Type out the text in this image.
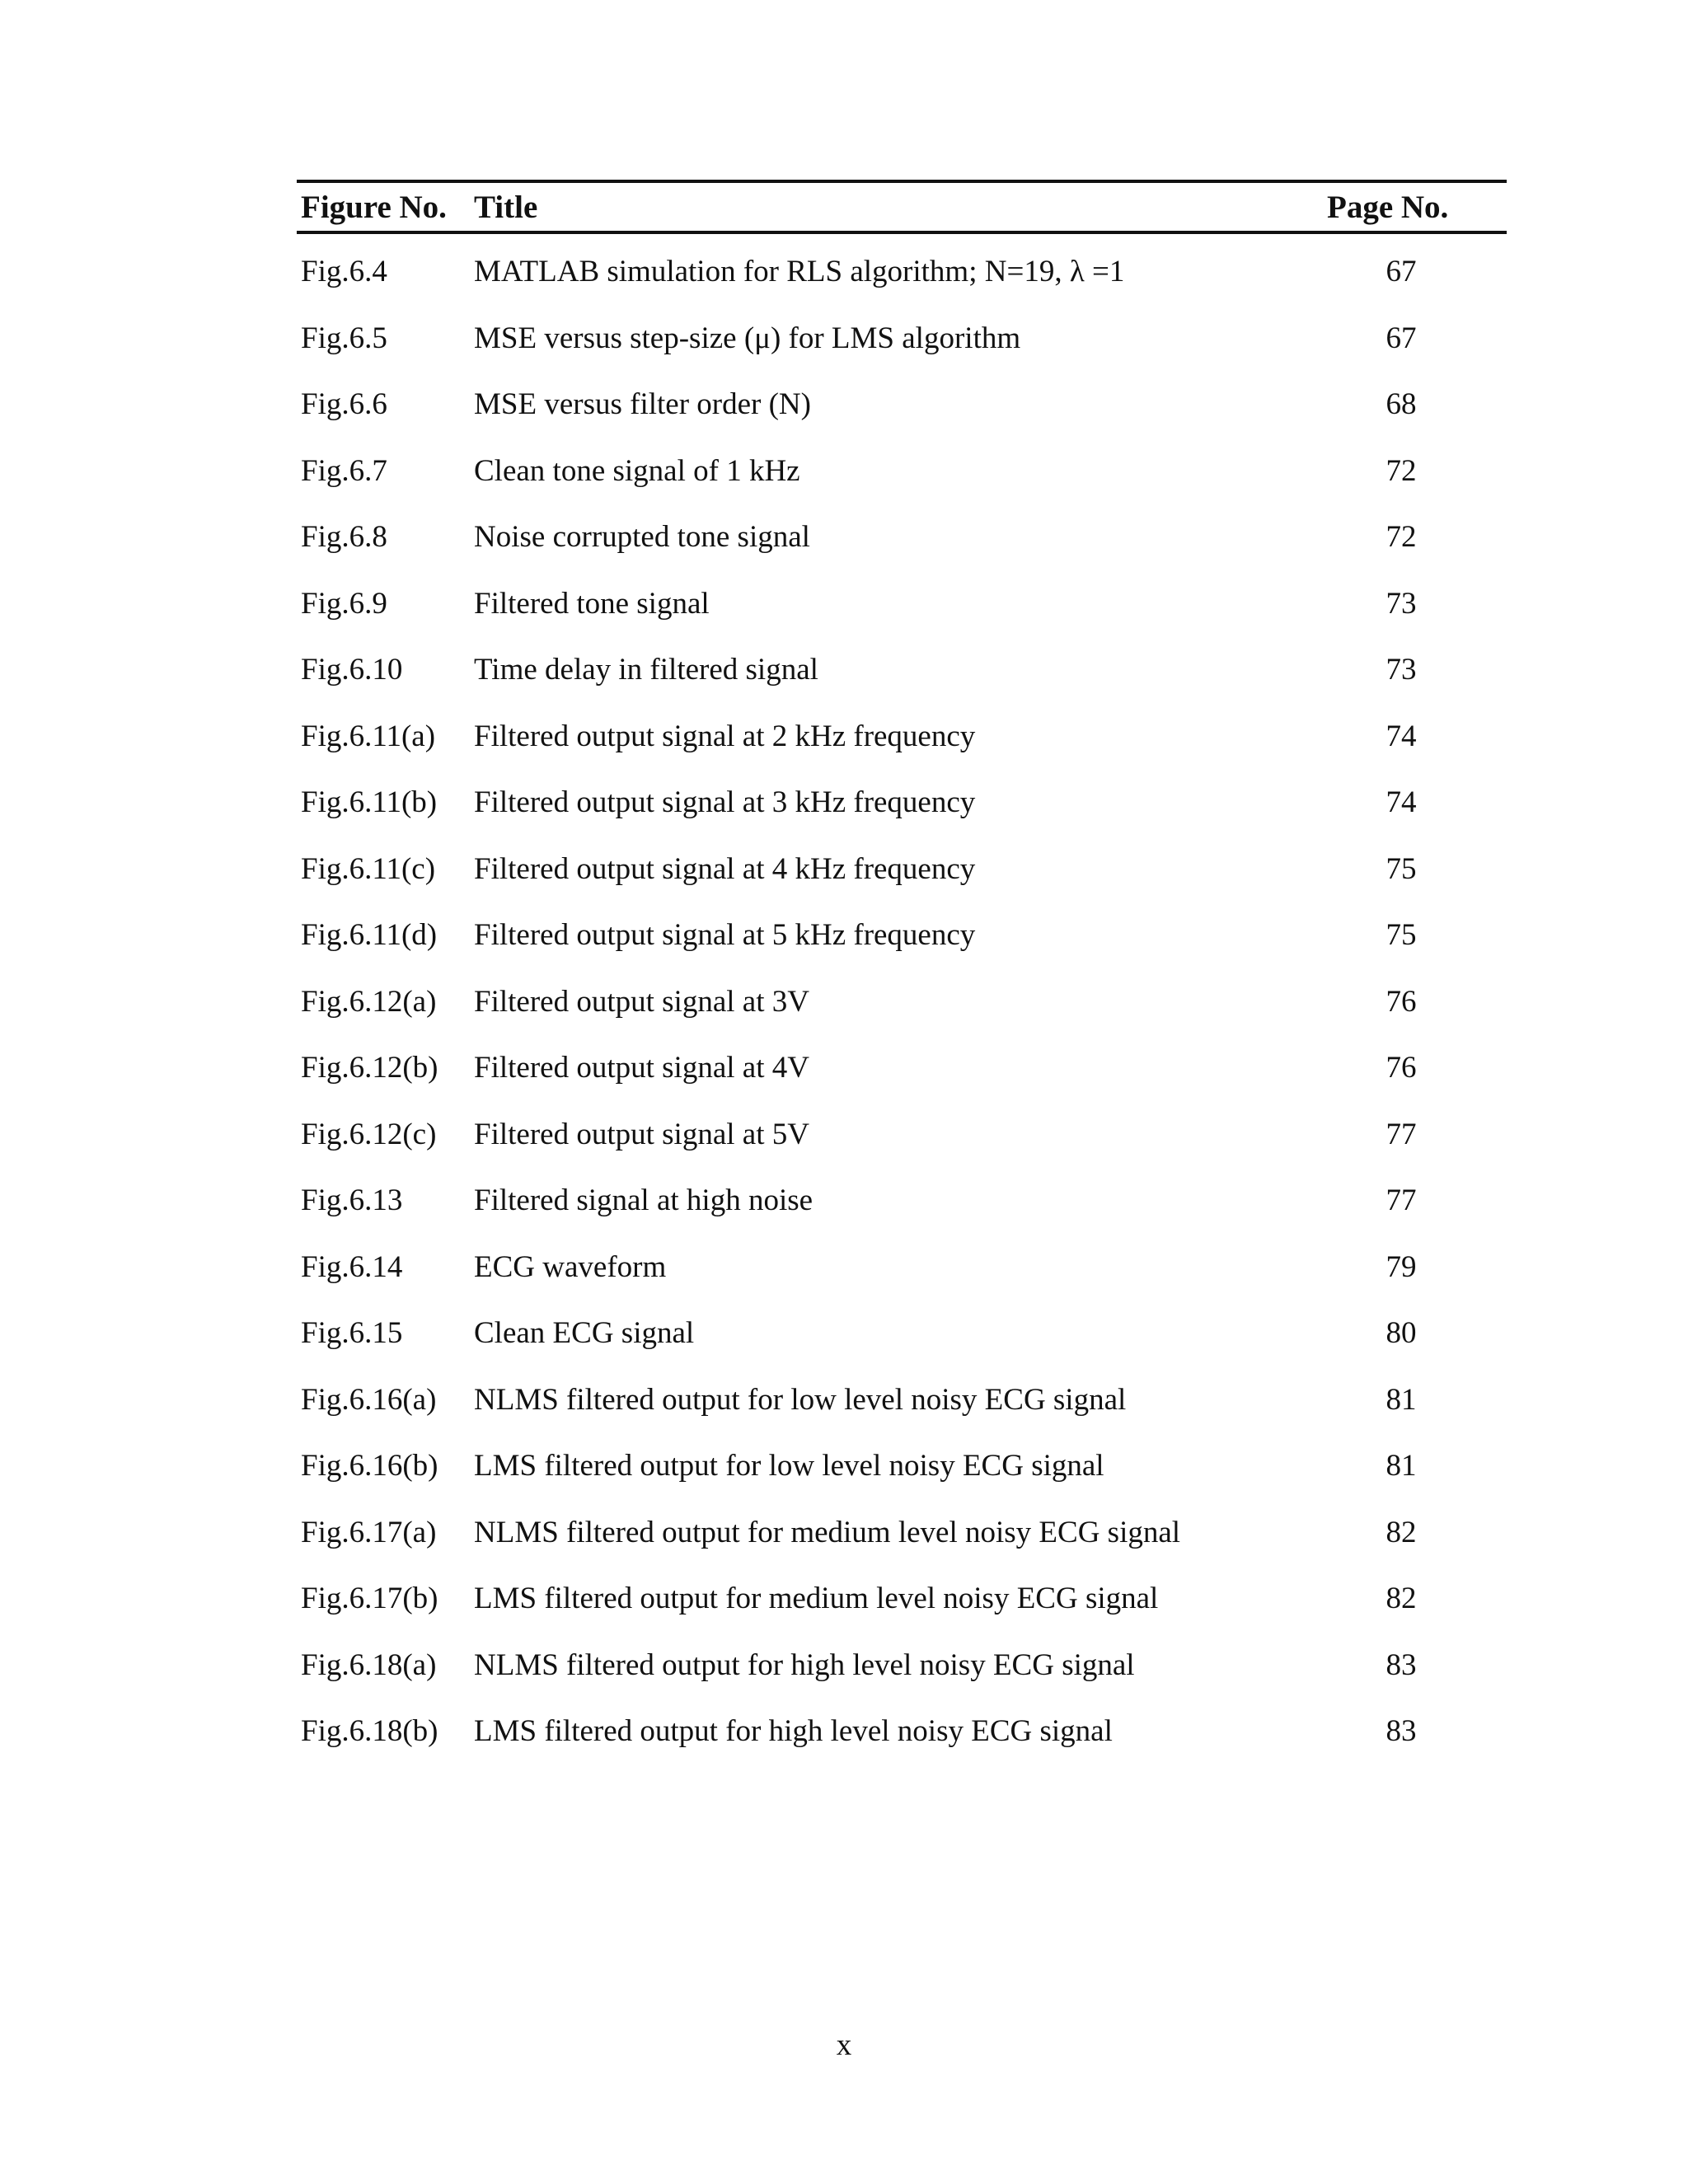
Figure No. Title	Page No.
Fig.6.4	MATLAB simulation for RLS algorithm; N=19, λ =1	67
Fig.6.5	MSE versus step-size (μ) for LMS algorithm	67
Fig.6.6	MSE versus filter order (N)	68
Fig.6.7	Clean tone signal of 1 kHz	72
Fig.6.8	Noise corrupted tone signal	72
Fig.6.9	Filtered tone signal	73
Fig.6.10 Time delay in filtered signal	73
Fig.6.11(a) Filtered output signal at 2 kHz frequency	74
Fig.6.11(b) Filtered output signal at 3 kHz frequency	74
Fig.6.11(c) Filtered output signal at 4 kHz frequency	75
Fig.6.11(d) Filtered output signal at 5 kHz frequency	75
Fig.6.12(a) Filtered output signal at 3V	76
Fig.6.12(b) Filtered output signal at 4V	76
Fig.6.12(c) Filtered output signal at 5V	77
Fig.6.13 Filtered signal at high noise	77
Fig.6.14 ECG waveform	79
Fig.6.15 Clean ECG signal	80
Fig.6.16(a) NLMS filtered output for low level noisy ECG signal	81
Fig.6.16(b) LMS filtered output for low level noisy ECG signal	81
Fig.6.17(a) NLMS filtered output for medium level noisy ECG signal	82
Fig.6.17(b) LMS filtered output for medium level noisy ECG signal	82
Fig.6.18(a) NLMS filtered output for high level noisy ECG signal	83
Fig.6.18(b) LMS filtered output for high level noisy ECG signal	83
x
